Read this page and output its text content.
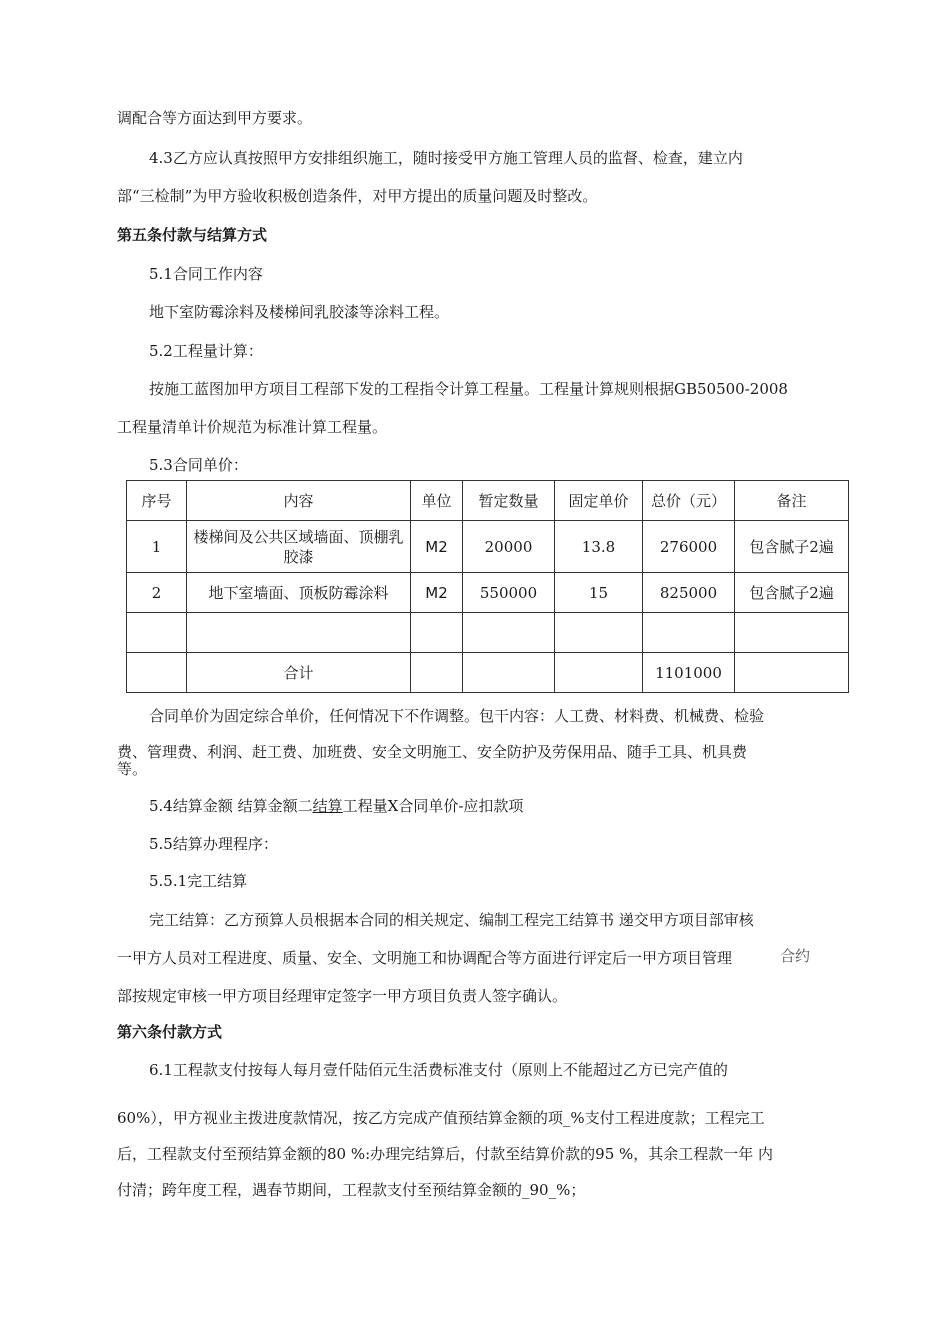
调配合等方面达到甲方要求。
4.3乙方应认真按照甲方安排组织施工，随时接受甲方施工管理人员的监督、检查，建立内
部“三检制”为甲方验收积极创造条件，对甲方提出的质量问题及时整改。
第五条付款与结算方式
5.1合同工作内容
地下室防霉涂料及楼梯间乳胶漆等涂料工程。
5.2工程量计算：
按施工蓝图加甲方项目工程部下发的工程指令计算工程量。工程量计算规则根据GB50500-2008
工程量清单计价规范为标准计算工程量。
5.3合同单价：
序号	内容	单位	暂定数量	固定单价	总价（元）	备注
1	楼梯间及公共区域墙面、顶棚乳胶漆	M2	20000	13.8	276000	包含腻子2遍
2	地下室墙面、顶板防霉涂料	M2	550000	15	825000	包含腻子2遍

	合计				1101000	
合同单价为固定综合单价，任何情况下不作调整。包干内容：人工费、材料费、机械费、检验
费、管理费、利润、赶工费、加班费、安全文明施工、安全防护及劳保用品、随手工具、机具费
等。
5.4结算金额 结算金额二结算工程量X合同单价-应扣款项
5.5结算办理程序：
5.5.1完工结算
完工结算：乙方预算人员根据本合同的相关规定、编制工程完工结算书 递交甲方项目部审核
一甲方人员对工程进度、质量、安全、文明施工和协调配合等方面进行评定后一甲方项目管理	合约
部按规定审核一甲方项目经理审定签字一甲方项目负责人签字确认。
第六条付款方式
6.1工程款支付按每人每月壹仟陆佰元生活费标准支付（原则上不能超过乙方已完产值的
60%），甲方视业主拨进度款情况，按乙方完成产值预结算金额的项_%支付工程进度款；工程完工
后，工程款支付至预结算金额的80 %:办理完结算后，付款至结算价款的95 %，其余工程款一年 内
付清；跨年度工程，遇春节期间，工程款支付至预结算金额的_90_%；
